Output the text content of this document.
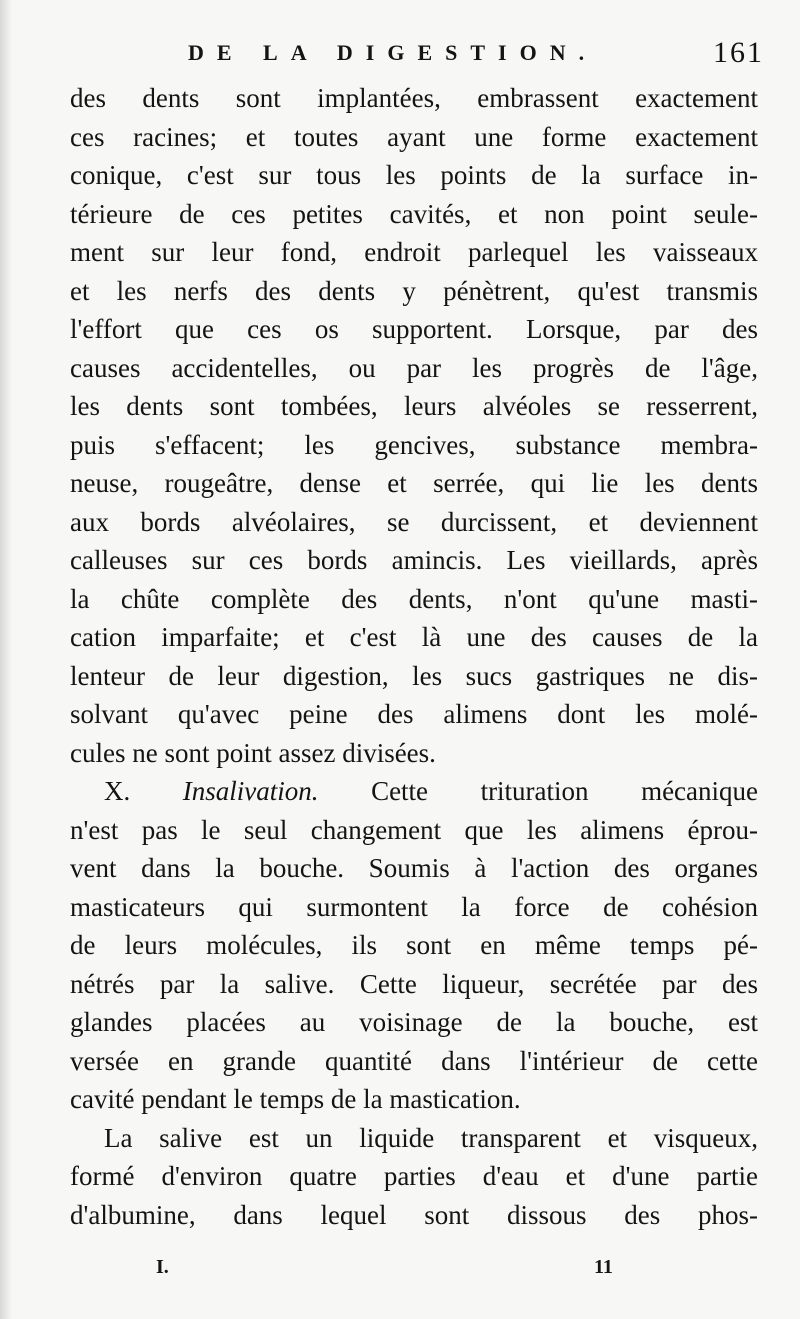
DE LA DIGESTION.	161
des dents sont implantées, embrassent exactement
ces racines; et toutes ayant une forme exactement
conique, c'est sur tous les points de la surface in-
térieure de ces petites cavités, et non point seule-
ment sur leur fond, endroit parlequel les vaisseaux
et les nerfs des dents y pénètrent, qu'est transmis
l'effort que ces os supportent. Lorsque, par des
causes accidentelles, ou par les progrès de l'âge,
les dents sont tombées, leurs alvéoles se resserrent,
puis s'effacent; les gencives, substance membra-
neuse, rougeâtre, dense et serrée, qui lie les dents
aux bords alvéolaires, se durcissent, et deviennent
calleuses sur ces bords amincis. Les vieillards, après
la chûte complète des dents, n'ont qu'une masti-
cation imparfaite; et c'est là une des causes de la
lenteur de leur digestion, les sucs gastriques ne dis-
solvant qu'avec peine des alimens dont les molé-
cules ne sont point assez divisées.
X. Insalivation. Cette trituration mécanique
n'est pas le seul changement que les alimens éprou-
vent dans la bouche. Soumis à l'action des organes
masticateurs qui surmontent la force de cohésion
de leurs molécules, ils sont en même temps pé-
nétrés par la salive. Cette liqueur, secrétée par des
glandes placées au voisinage de la bouche, est
versée en grande quantité dans l'intérieur de cette
cavité pendant le temps de la mastication.
La salive est un liquide transparent et visqueux,
formé d'environ quatre parties d'eau et d'une partie
d'albumine, dans lequel sont dissous des phos-
I.	11
